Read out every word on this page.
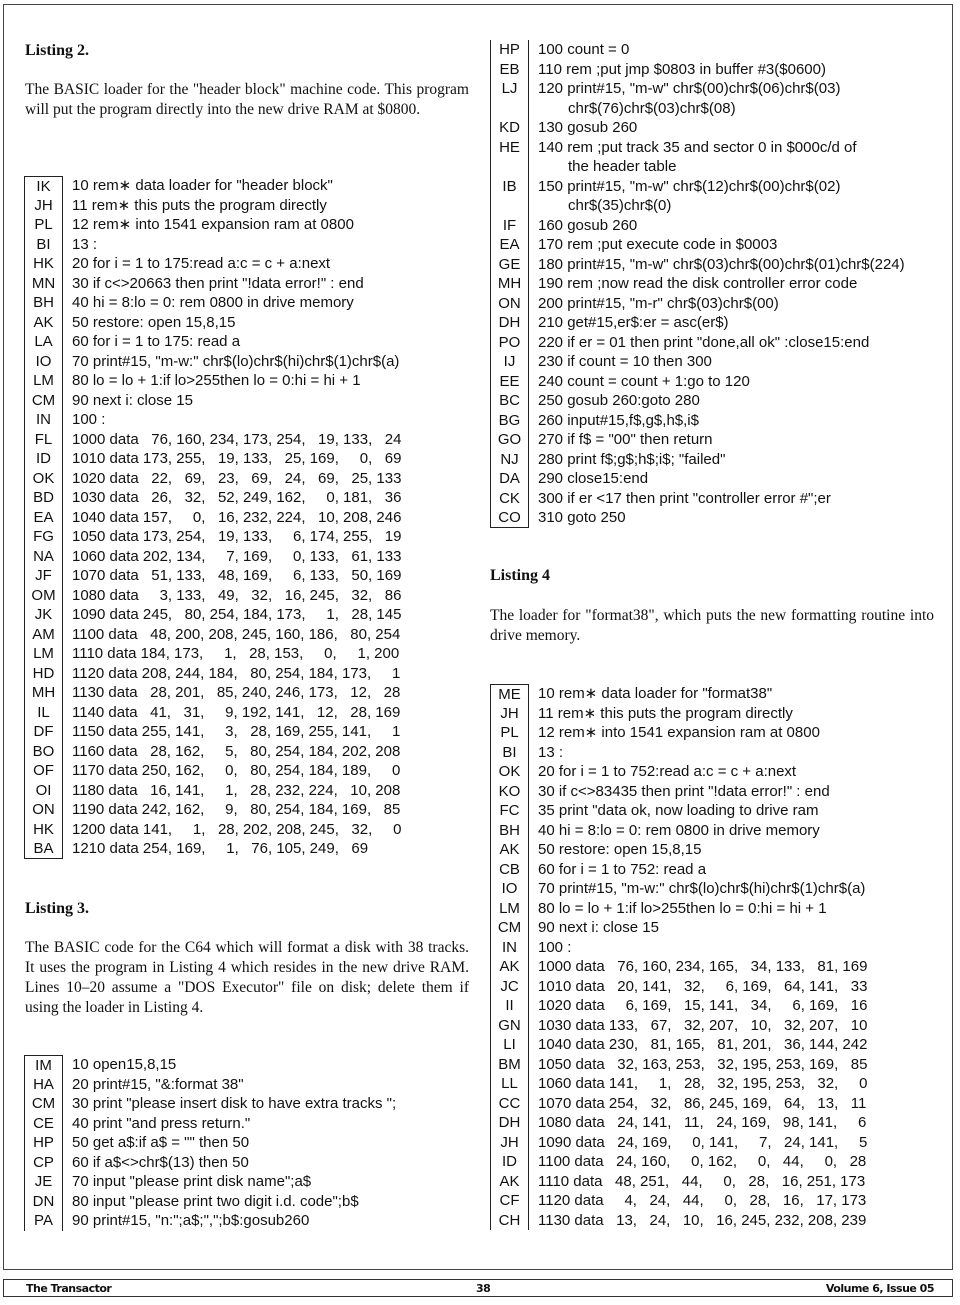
Listing 2.

The BASIC loader for the "header block" machine code. This program will put the program directly into the new drive RAM at $0800.

IK	10 rem∗ data loader for "header block"
JH	11 rem∗ this puts the program directly
PL	12 rem∗ into 1541 expansion ram at 0800
BI	13 :
HK	20 for i = 1 to 175:read a:c = c + a:next
MN	30 if c<>20663 then print "!data error!" : end
BH	40 hi = 8:lo = 0: rem 0800 in drive memory
AK	50 restore: open 15,8,15
LA	60 for i = 1 to 175: read a
IO	70 print#15, "m-w:" chr$(lo)chr$(hi)chr$(1)chr$(a)
LM	80 lo = lo + 1:if lo>255then lo = 0:hi = hi + 1
CM	90 next i: close 15
IN	100 :
FL	1000 data   76, 160, 234, 173, 254,   19, 133,   24
ID	1010 data 173, 255,   19, 133,   25, 169,     0,   69
OK	1020 data   22,   69,   23,   69,   24,   69,   25, 133
BD	1030 data   26,   32,   52, 249, 162,     0, 181,   36
EA	1040 data 157,     0,   16, 232, 224,   10, 208, 246
FG	1050 data 173, 254,   19, 133,     6, 174, 255,   19
NA	1060 data 202, 134,     7, 169,     0, 133,   61, 133
JF	1070 data   51, 133,   48, 169,     6, 133,   50, 169
OM	1080 data     3, 133,   49,   32,   16, 245,   32,   86
JK	1090 data 245,   80, 254, 184, 173,     1,   28, 145
AM	1100 data   48, 200, 208, 245, 160, 186,   80, 254
LM	1110 data 184, 173,     1,   28, 153,     0,     1, 200
HD	1120 data 208, 244, 184,   80, 254, 184, 173,     1
MH	1130 data   28, 201,   85, 240, 246, 173,   12,   28
IL	1140 data   41,   31,     9, 192, 141,   12,   28, 169
DF	1150 data 255, 141,     3,   28, 169, 255, 141,     1
BO	1160 data   28, 162,     5,   80, 254, 184, 202, 208
OF	1170 data 250, 162,     0,   80, 254, 184, 189,     0
OI	1180 data   16, 141,     1,   28, 232, 224,   10, 208
ON	1190 data 242, 162,     9,   80, 254, 184, 169,   85
HK	1200 data 141,     1,   28, 202, 208, 245,   32,     0
BA	1210 data 254, 169,     1,   76, 105, 249,   69
Listing 3.

The BASIC code for the C64 which will format a disk with 38 tracks. It uses the program in Listing 4 which resides in the new drive RAM. Lines 10–20 assume a "DOS Executor" file on disk; delete them if using the loader in Listing 4.

IM	10 open15,8,15
HA	20 print#15, "&:format 38"
CM	30 print "please insert disk to have extra tracks ";
CE	40 print "and press return."
HP	50 get a$:if a$ = "" then 50
CP	60 if a$<>chr$(13) then 50
JE	70 input "please print disk name";a$
DN	80 input "please print two digit i.d. code";b$
PA	90 print#15, "n:";a$;",";b$:gosub260
HP	100 count = 0
EB	110 rem ;put jmp $0803 in buffer #3($0600)
LJ	120 print#15, "m-w" chr$(00)chr$(06)chr$(03)
chr$(76)chr$(03)chr$(08)
KD	130 gosub 260
HE	140 rem ;put track 35 and sector 0 in $000c/d of
the header table
IB	150 print#15, "m-w" chr$(12)chr$(00)chr$(02)
chr$(35)chr$(0)
IF	160 gosub 260
EA	170 rem ;put execute code in $0003
GE	180 print#15, "m-w" chr$(03)chr$(00)chr$(01)chr$(224)
MH	190 rem ;now read the disk controller error code
ON	200 print#15, "m-r" chr$(03)chr$(00)
DH	210 get#15,er$:er = asc(er$)
PO	220 if er = 01 then print "done,all ok" :close15:end
IJ	230 if count = 10 then 300
EE	240 count = count + 1:go to 120
BC	250 gosub 260:goto 280
BG	260 input#15,f$,g$,h$,i$
GO	270 if f$ = "00" then return
NJ	280 print f$;g$;h$;i$; "failed"
DA	290 close15:end
CK	300 if er <17 then print "controller error #";er
CO	310 goto 250
Listing 4

The loader for "format38", which puts the new formatting routine into drive memory.

ME	10 rem∗ data loader for "format38"
JH	11 rem∗ this puts the program directly
PL	12 rem∗ into 1541 expansion ram at 0800
BI	13 :
OK	20 for i = 1 to 752:read a:c = c + a:next
KO	30 if c<>83435 then print "!data error!" : end
FC	35 print "data ok, now loading to drive ram
BH	40 hi = 8:lo = 0: rem 0800 in drive memory
AK	50 restore: open 15,8,15
CB	60 for i = 1 to 752: read a
IO	70 print#15, "m-w:" chr$(lo)chr$(hi)chr$(1)chr$(a)
LM	80 lo = lo + 1:if lo>255then lo = 0:hi = hi + 1
CM	90 next i: close 15
IN	100 :
AK	1000 data   76, 160, 234, 165,   34, 133,   81, 169
JC	1010 data   20, 141,   32,     6, 169,   64, 141,   33
II	1020 data     6, 169,   15, 141,   34,     6, 169,   16
GN	1030 data 133,   67,   32, 207,   10,   32, 207,   10
LI	1040 data 230,   81, 165,   81, 201,   36, 144, 242
BM	1050 data   32, 163, 253,   32, 195, 253, 169,   85
LL	1060 data 141,     1,   28,   32, 195, 253,   32,     0
CC	1070 data 254,   32,   86, 245, 169,   64,   13,   11
DH	1080 data   24, 141,   11,   24, 169,   98, 141,     6
JH	1090 data   24, 169,     0, 141,     7,   24, 141,     5
ID	1100 data   24, 160,     0, 162,     0,   44,     0,   28
AK	1110 data   48, 251,   44,     0,   28,   16, 251, 173
CF	1120 data     4,   24,   44,     0,   28,   16,   17, 173
CH	1130 data   13,   24,   10,   16, 245, 232, 208, 239
The Transactor	38	Volume 6, Issue 05
